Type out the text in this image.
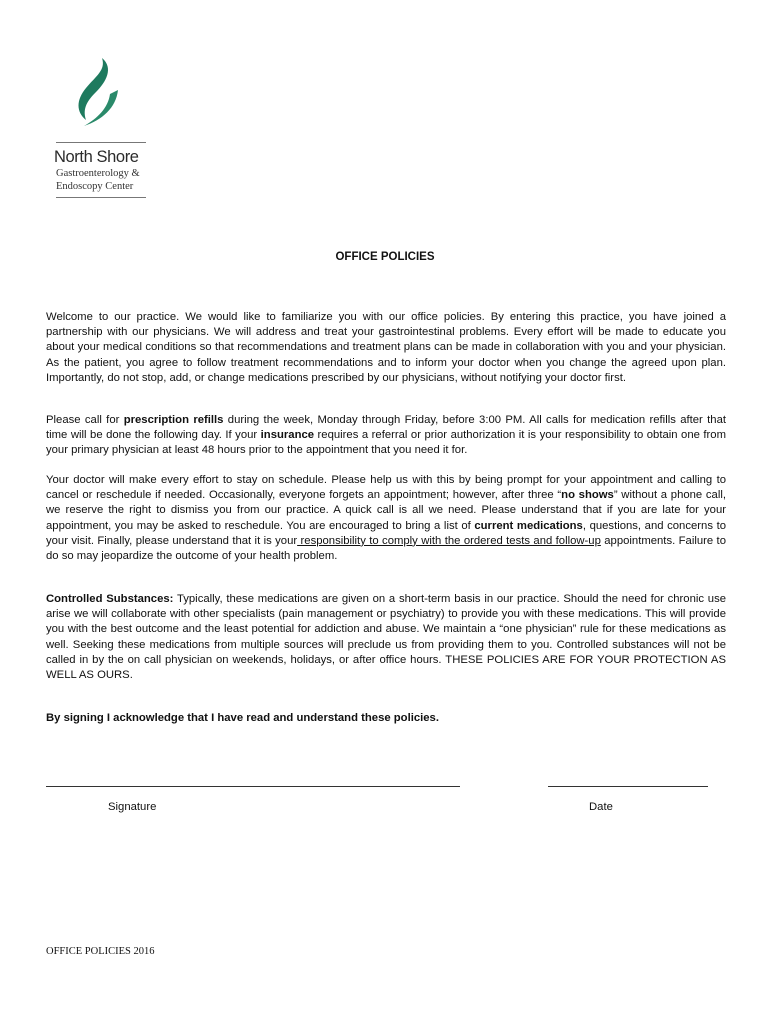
North Shore
Gastroenterology &
Endoscopy Center
OFFICE POLICIES

Welcome to our practice. We would like to familiarize you with our office policies. By entering this practice, you have joined a partnership with our physicians. We will address and treat your gastrointestinal problems. Every effort will be made to educate you about your medical conditions so that recommendations and treatment plans can be made in collaboration with you and your physician. As the patient, you agree to follow treatment recommendations and to inform your doctor when you change the agreed upon plan. Importantly, do not stop, add, or change medications prescribed by our physicians, without notifying your doctor first.

Please call for prescription refills during the week, Monday through Friday, before 3:00 PM. All calls for medication refills after that time will be done the following day. If your insurance requires a referral or prior authorization it is your responsibility to obtain one from your primary physician at least 48 hours prior to the appointment that you need it for.

Your doctor will make every effort to stay on schedule. Please help us with this by being prompt for your appointment and calling to cancel or reschedule if needed. Occasionally, everyone forgets an appointment; however, after three “no shows” without a phone call, we reserve the right to dismiss you from our practice. A quick call is all we need. Please understand that if you are late for your appointment, you may be asked to reschedule. You are encouraged to bring a list of current medications, questions, and concerns to your visit. Finally, please understand that it is your responsibility to comply with the ordered tests and follow-up appointments. Failure to do so may jeopardize the outcome of your health problem.

Controlled Substances: Typically, these medications are given on a short-term basis in our practice. Should the need for chronic use arise we will collaborate with other specialists (pain management or psychiatry) to provide you with these medications. This will provide you with the best outcome and the least potential for addiction and abuse. We maintain a “one physician” rule for these medications as well. Seeking these medications from multiple sources will preclude us from providing them to you. Controlled substances will not be called in by the on call physician on weekends, holidays, or after office hours. THESE POLICIES ARE FOR YOUR PROTECTION AS WELL AS OURS.

By signing I acknowledge that I have read and understand these policies.
Signature	Date
OFFICE POLICIES 2016
